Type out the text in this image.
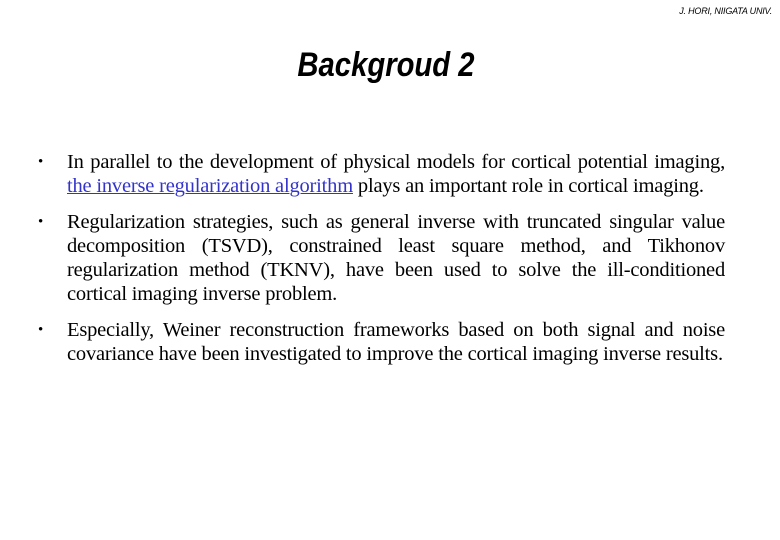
J. HORI, NIIGATA UNIV.
Backgroud 2
•	In parallel to the development of physical models for cortical potential imaging, the inverse regularization algorithm plays an important role in cortical imaging.
•	Regularization strategies, such as general inverse with truncated singular value decomposition (TSVD), constrained least square method, and Tikhonov regularization method (TKNV), have been used to solve the ill-conditioned cortical imaging inverse problem.
•	Especially, Weiner reconstruction frameworks based on both signal and noise covariance have been investigated to improve the cortical imaging inverse results.
